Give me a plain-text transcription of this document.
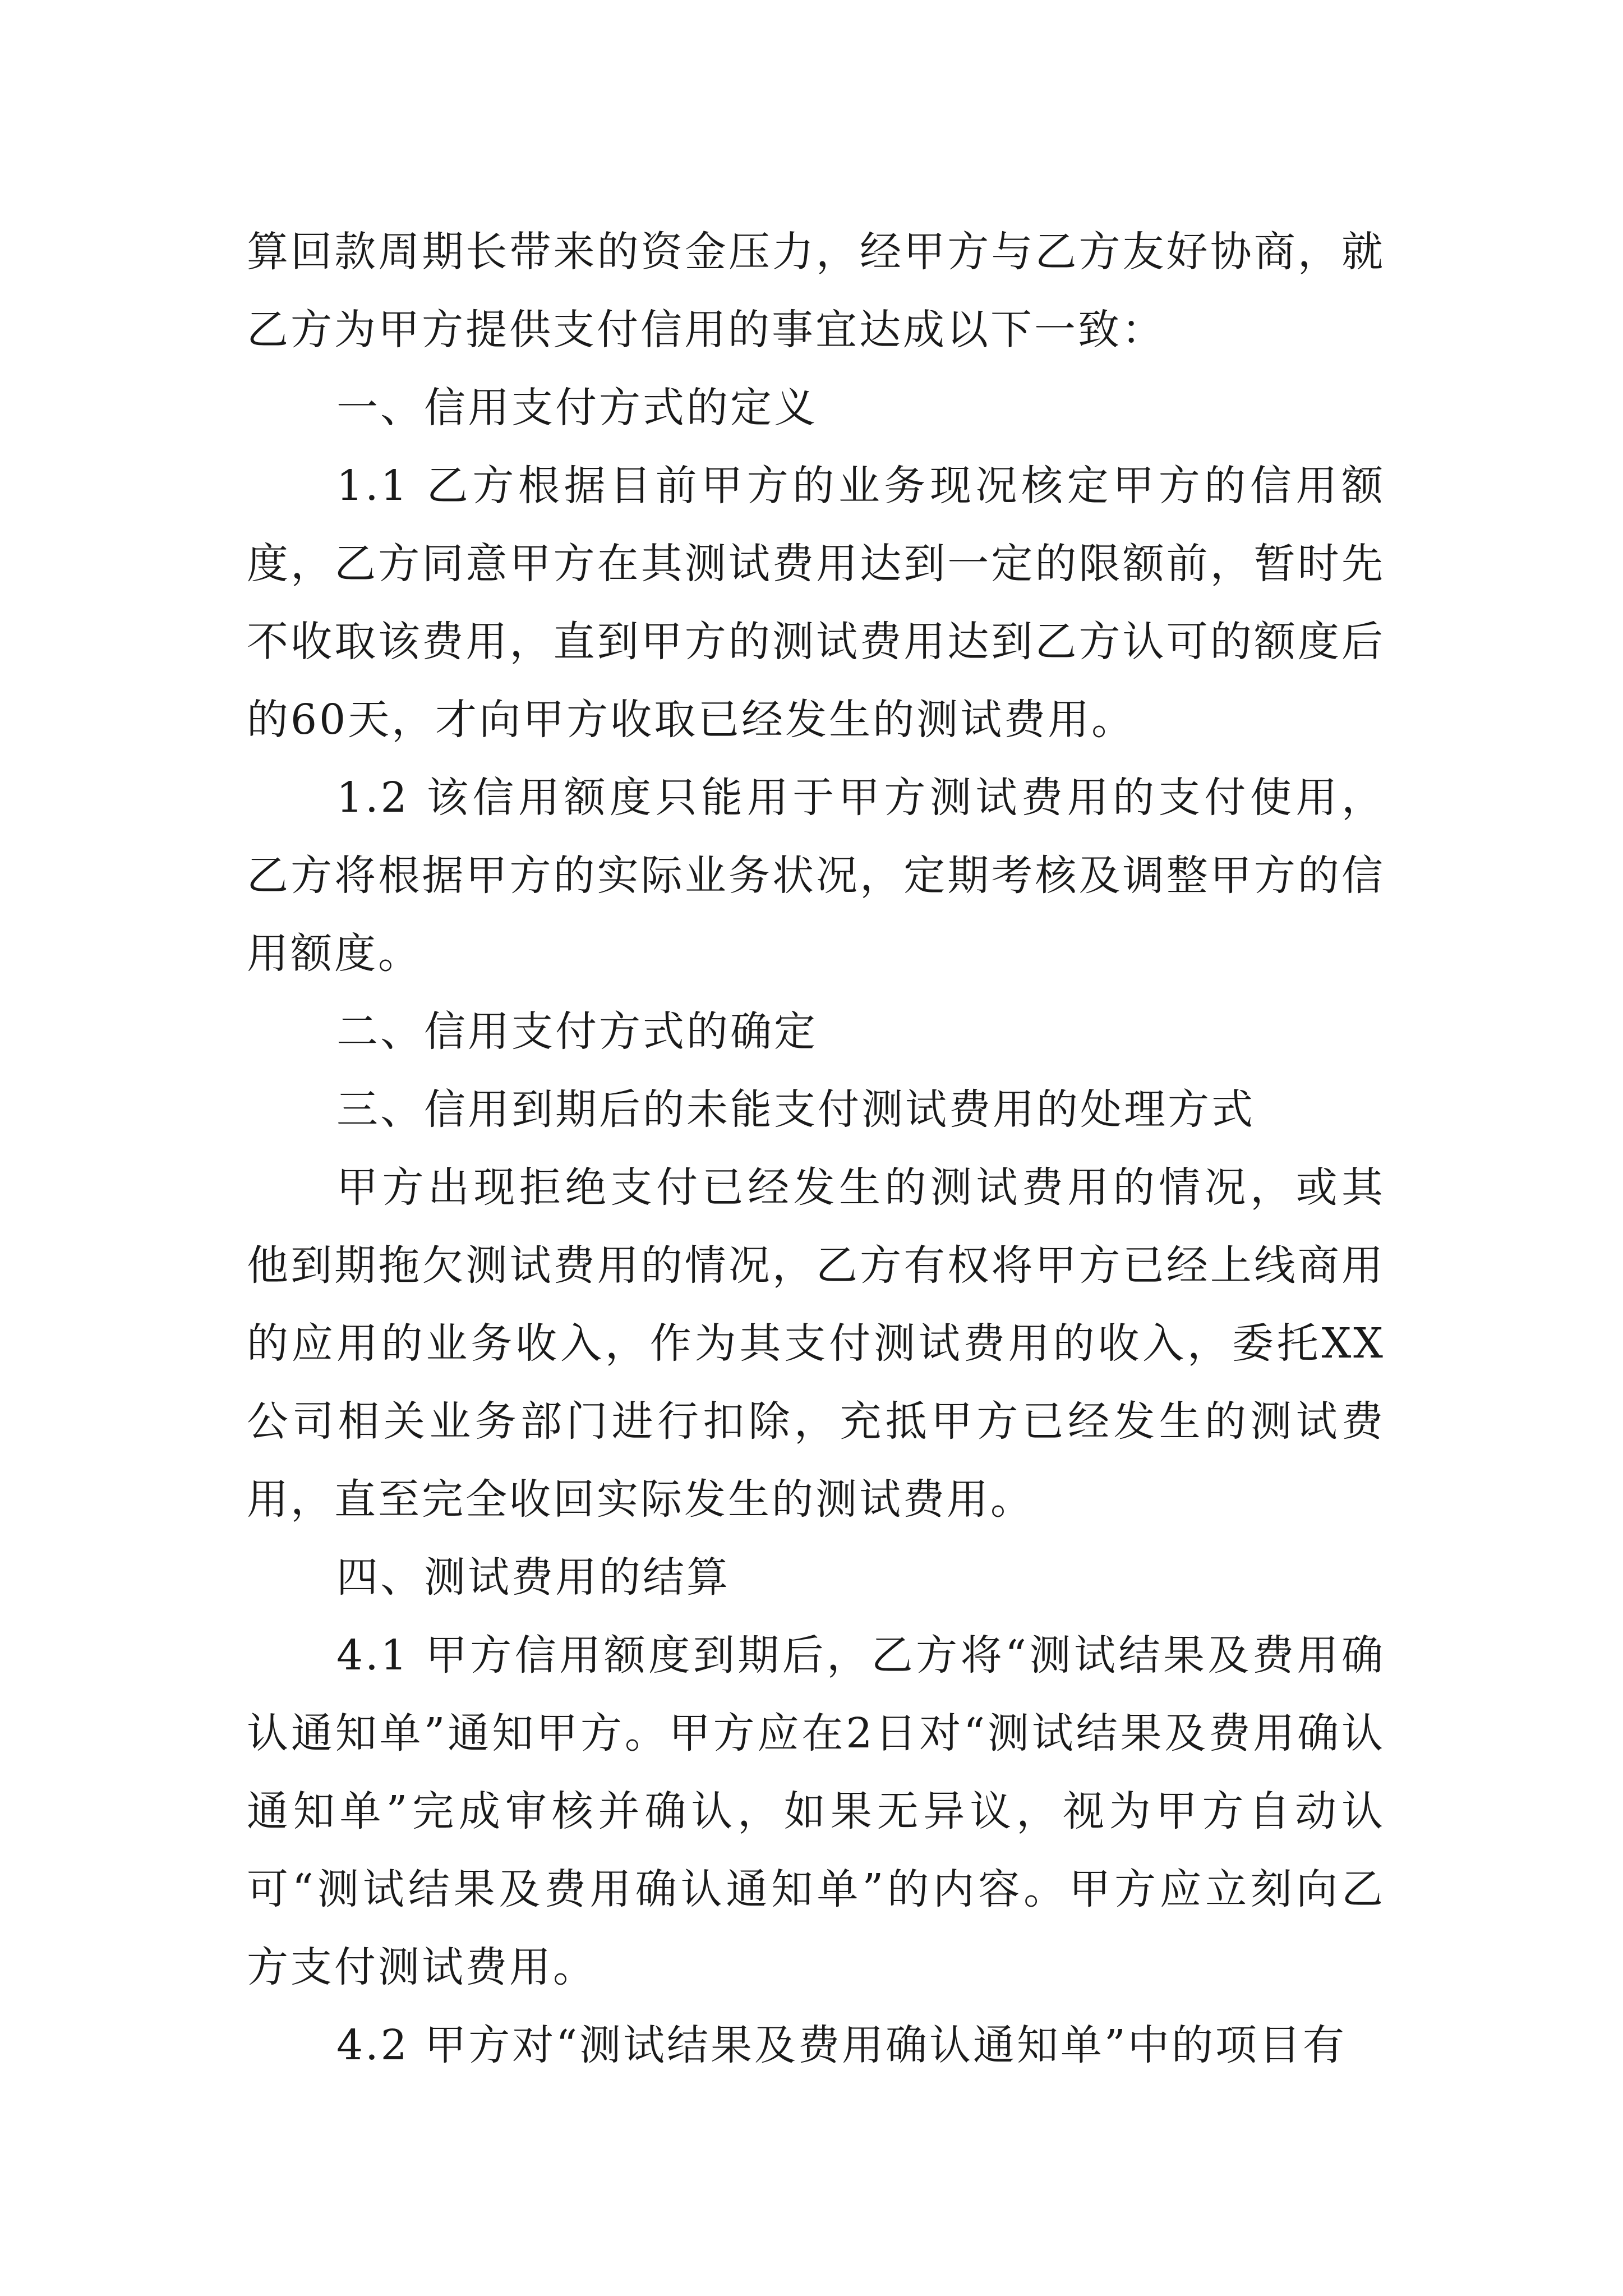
算回款周期长带来的资金压力，经甲方与乙方友好协商，就乙方为甲方提供支付信用的事宜达成以下一致：

一、信用支付方式的定义

1.1 乙方根据目前甲方的业务现况核定甲方的信用额度，乙方同意甲方在其测试费用达到一定的限额前，暂时先不收取该费用，直到甲方的测试费用达到乙方认可的额度后的60天，才向甲方收取已经发生的测试费用。

1.2 该信用额度只能用于甲方测试费用的支付使用，乙方将根据甲方的实际业务状况，定期考核及调整甲方的信用额度。

二、信用支付方式的确定

三、信用到期后的未能支付测试费用的处理方式

甲方出现拒绝支付已经发生的测试费用的情况，或其他到期拖欠测试费用的情况，乙方有权将甲方已经上线商用的应用的业务收入，作为其支付测试费用的收入，委托XX公司相关业务部门进行扣除，充抵甲方已经发生的测试费用，直至完全收回实际发生的测试费用。

四、测试费用的结算

4.1 甲方信用额度到期后，乙方将“测试结果及费用确认通知单”通知甲方。甲方应在2日对“测试结果及费用确认通知单”完成审核并确认，如果无异议，视为甲方自动认可“测试结果及费用确认通知单”的内容。甲方应立刻向乙方支付测试费用。

4.2 甲方对“测试结果及费用确认通知单”中的项目有
